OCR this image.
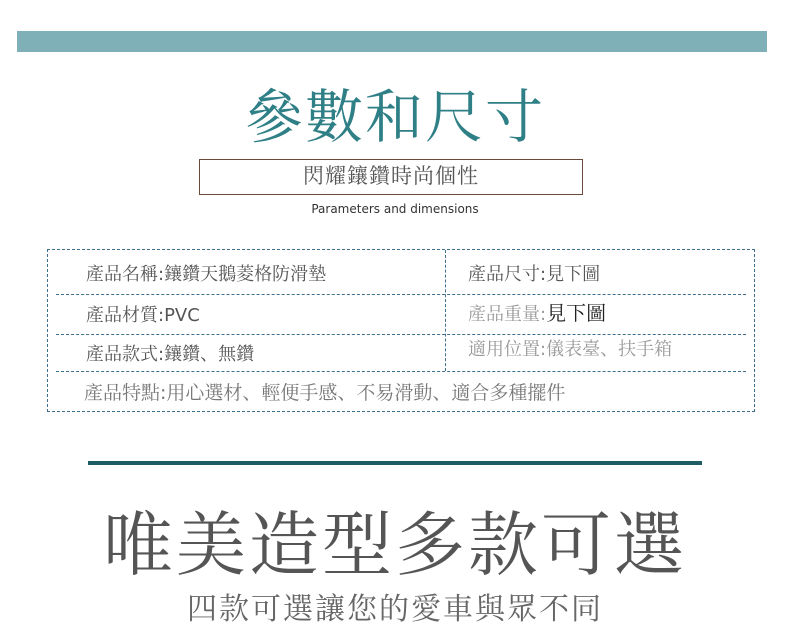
參數和尺寸
閃耀鑲鑽時尚個性
Parameters and dimensions
產品名稱:鑲鑽天鵝菱格防滑墊	產品尺寸:見下圖
產品材質:PVC	產品重量:見下圖
產品款式:鑲鑽、無鑽	適用位置:儀表臺、扶手箱
產品特點:用心選材、輕便手感、不易滑動、適合多種擺件
唯美造型多款可選
四款可選讓您的愛車與眾不同
